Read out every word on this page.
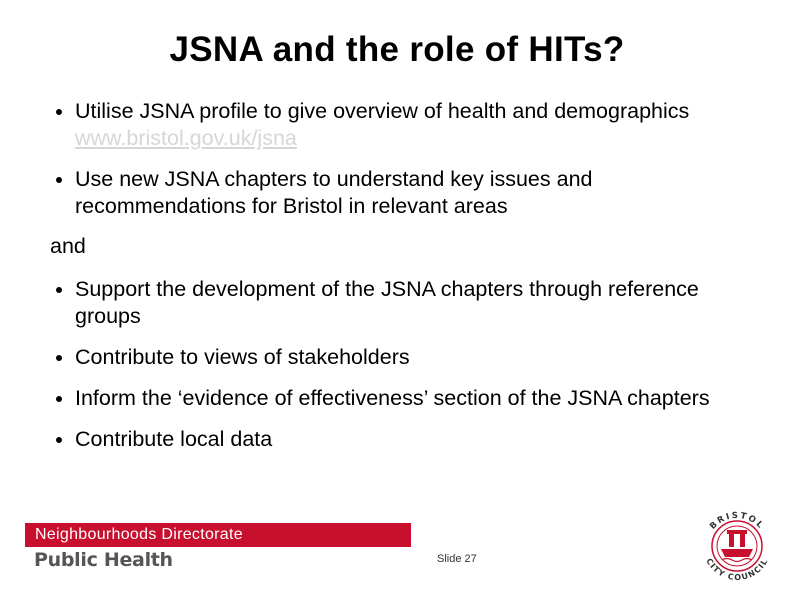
JSNA and the role of HITs?
Utilise JSNA profile to give overview of health and demographics www.bristol.gov.uk/jsna
Use new JSNA chapters to understand key issues and recommendations for Bristol in relevant areas
and
Support the development of the JSNA chapters through reference groups
Contribute to views of stakeholders
Inform the ‘evidence of effectiveness’ section of the JSNA chapters
Contribute local data
Neighbourhoods Directorate
Public Health	Slide 27
BRISTOL
CITY COUNCIL
